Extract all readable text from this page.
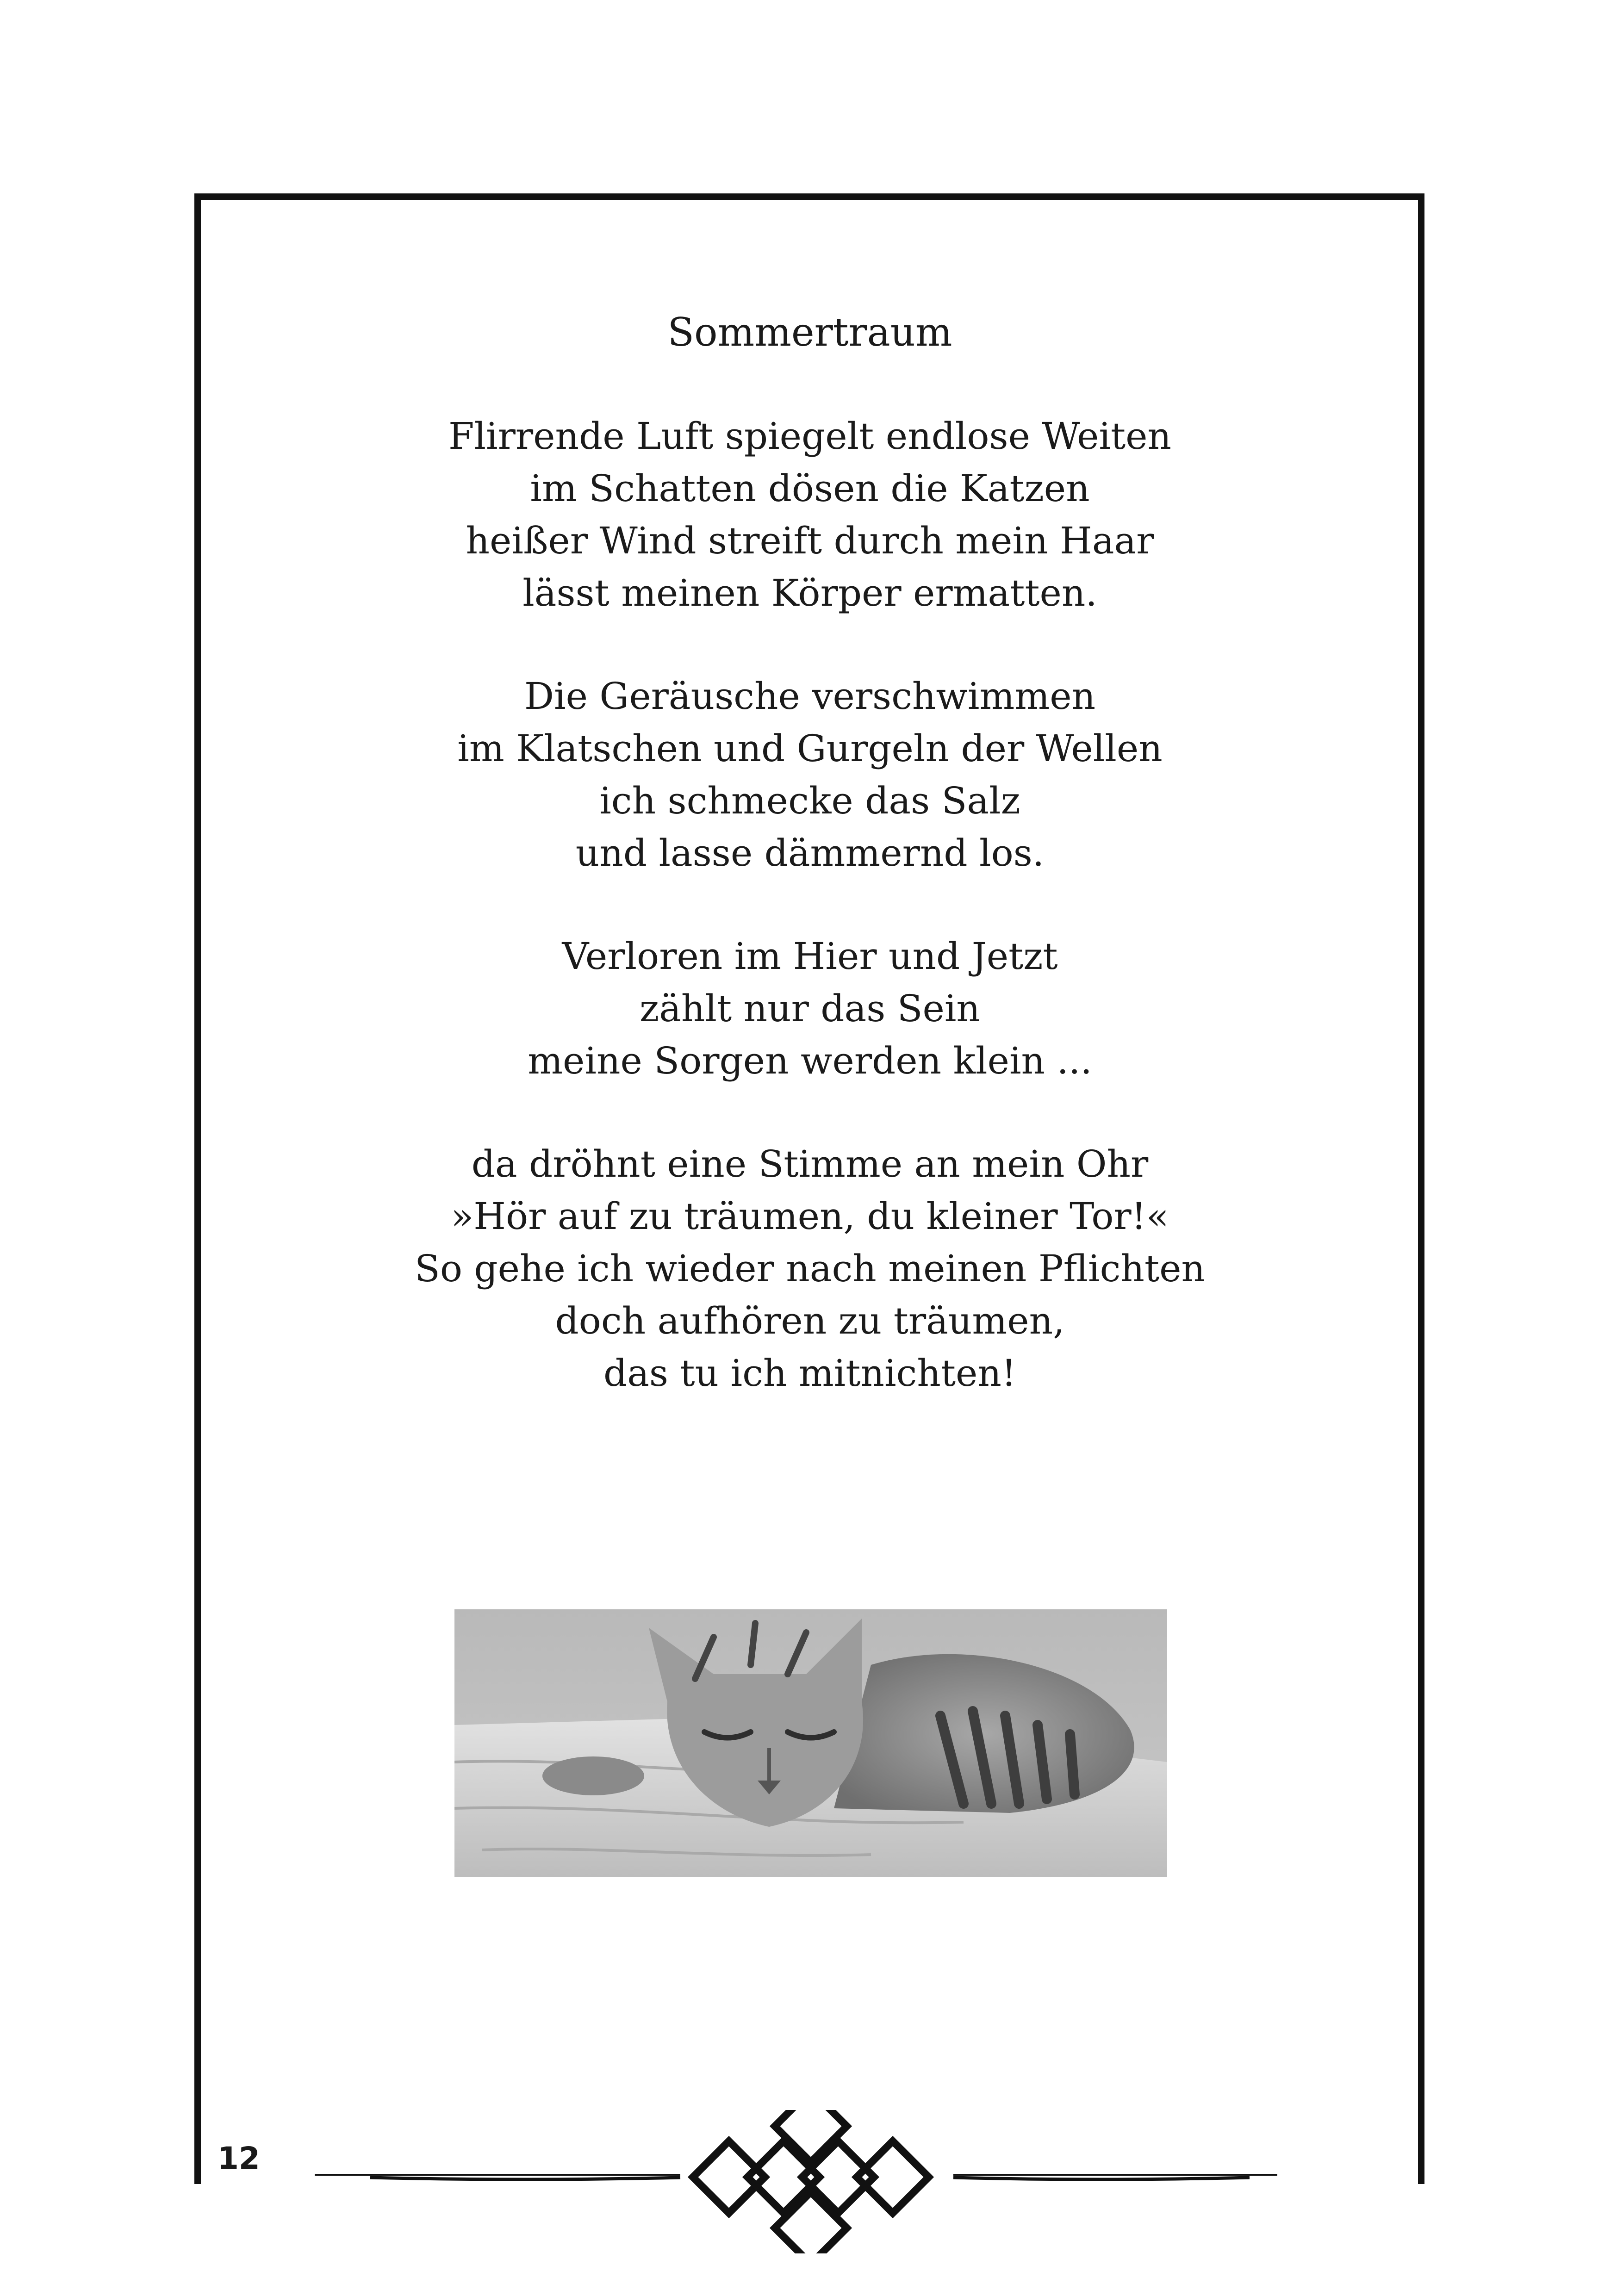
Sommertraum
Flirrende Luft spiegelt endlose Weiten
im Schatten dösen die Katzen
heißer Wind streift durch mein Haar
lässt meinen Körper ermatten.
Die Geräusche verschwimmen
im Klatschen und Gurgeln der Wellen
ich schmecke das Salz
und lasse dämmernd los.
Verloren im Hier und Jetzt
zählt nur das Sein
meine Sorgen werden klein ...
da dröhnt eine Stimme an mein Ohr
»Hör auf zu träumen, du kleiner Tor!«
So gehe ich wieder nach meinen Pflichten
doch aufhören zu träumen,
das tu ich mitnichten!
12
